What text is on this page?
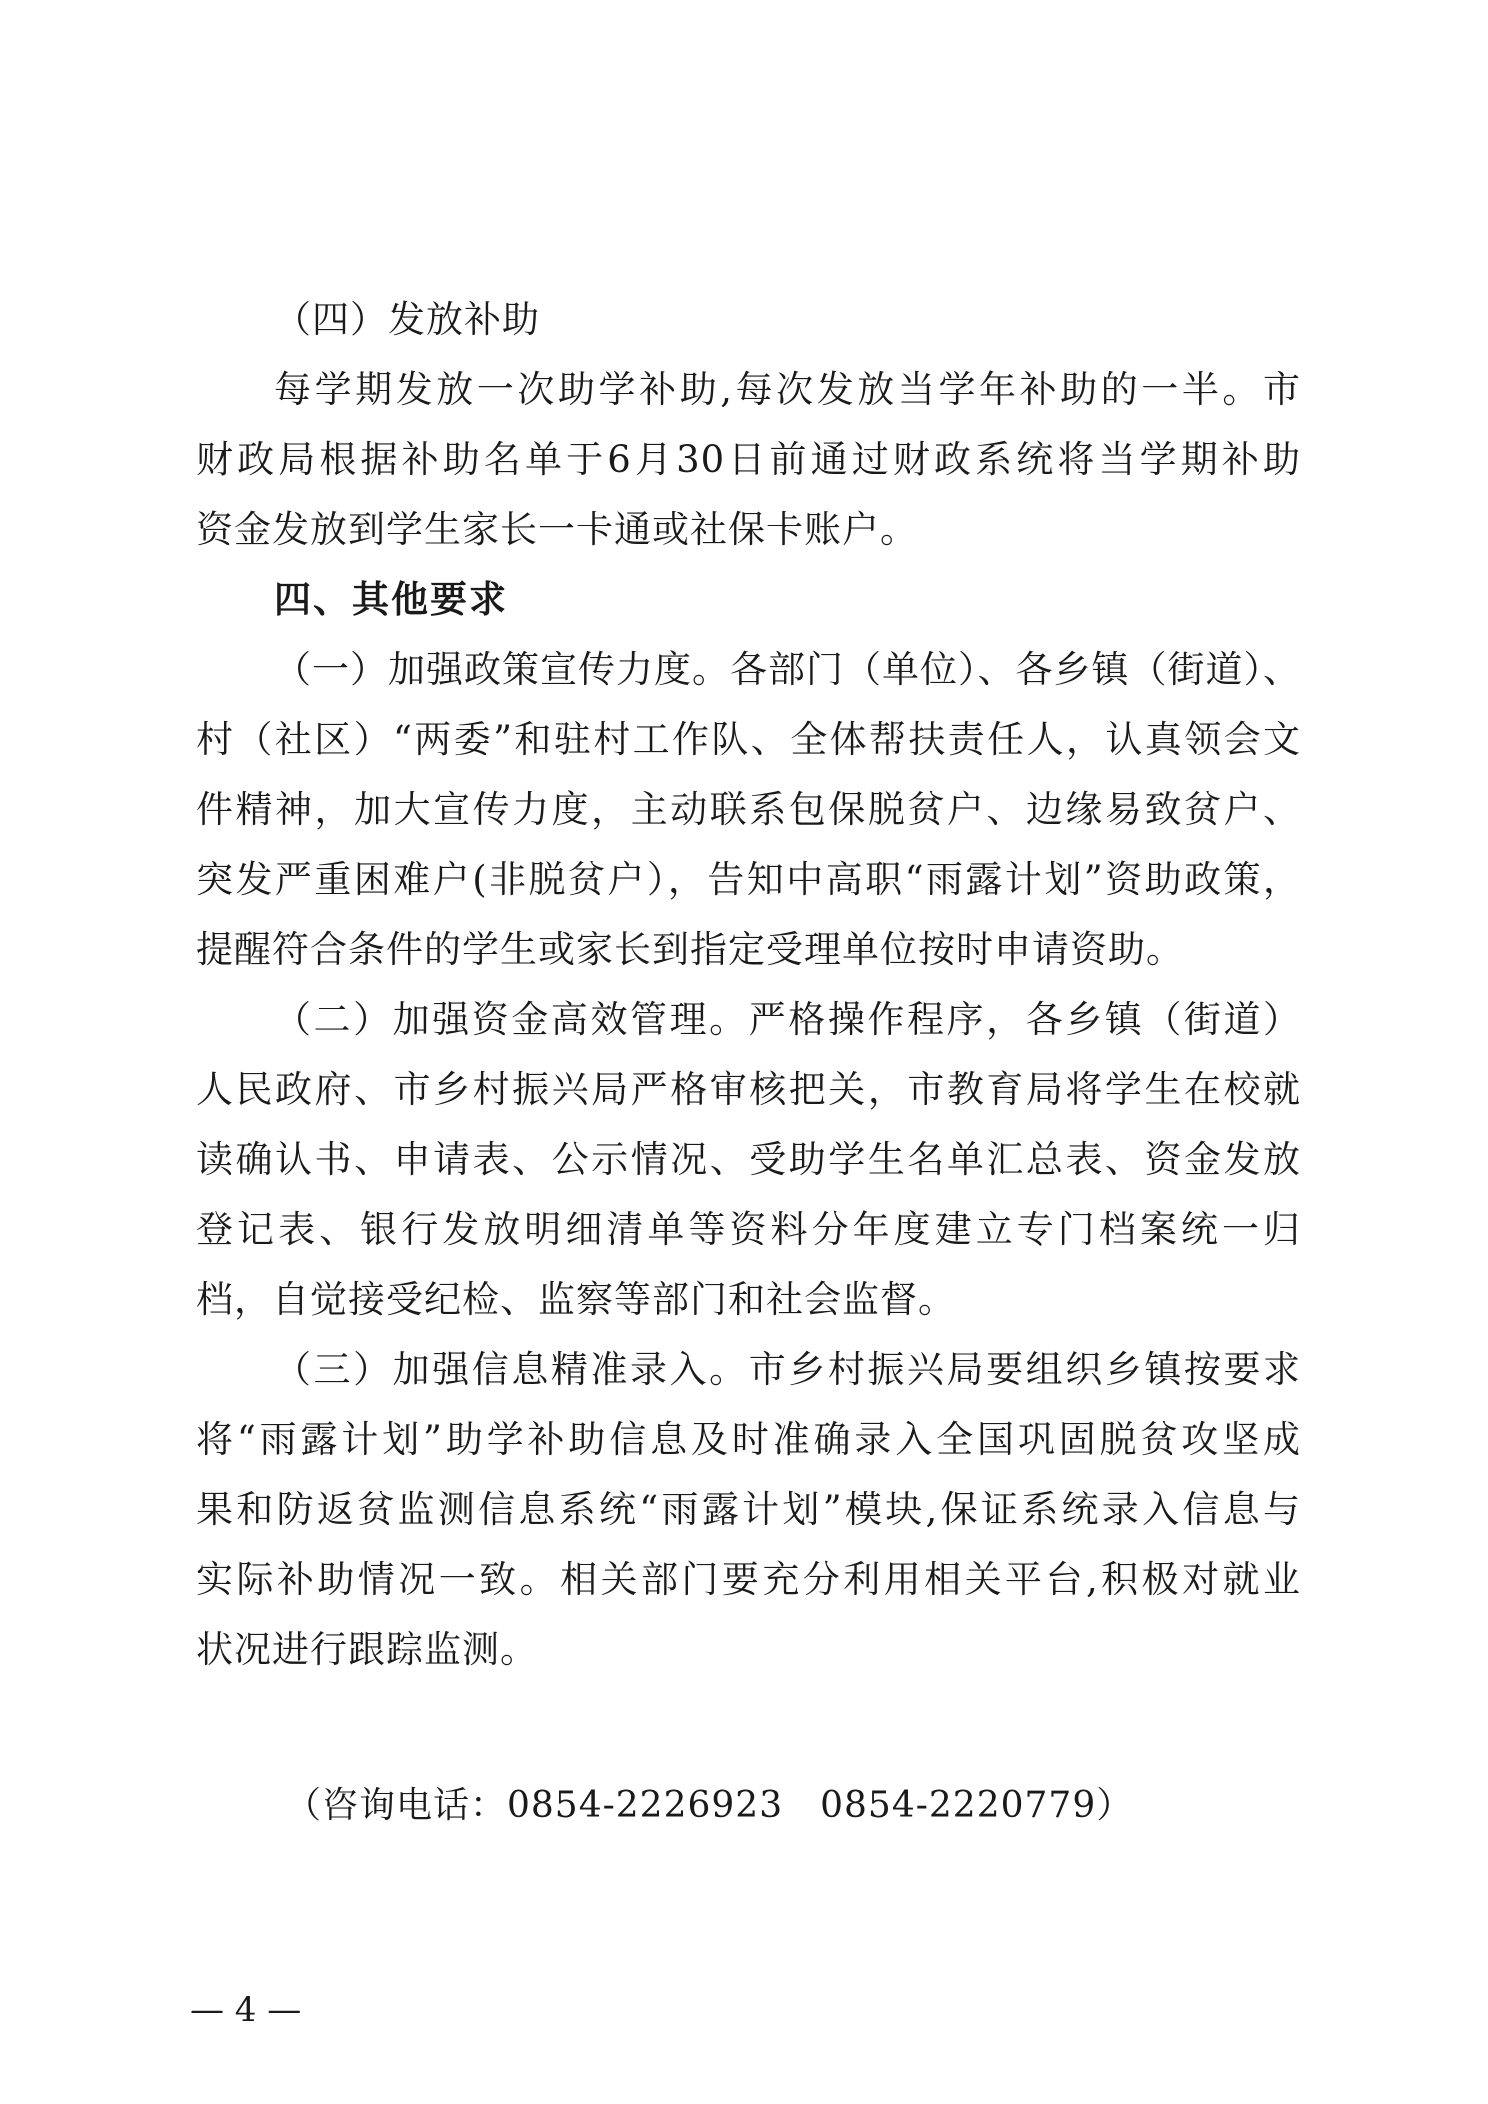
（四）发放补助
每学期发放一次助学补助,每次发放当学年补助的一半。市
财政局根据补助名单于6月30日前通过财政系统将当学期补助
资金发放到学生家长一卡通或社保卡账户。
四、其他要求
（一）加强政策宣传力度。各部门（单位）、各乡镇（街道）、
村（社区）“两委”和驻村工作队、全体帮扶责任人，认真领会文
件精神，加大宣传力度，主动联系包保脱贫户、边缘易致贫户、
突发严重困难户(非脱贫户），告知中高职“雨露计划”资助政策，
提醒符合条件的学生或家长到指定受理单位按时申请资助。
（二）加强资金高效管理。严格操作程序，各乡镇（街道）
人民政府、市乡村振兴局严格审核把关，市教育局将学生在校就
读确认书、申请表、公示情况、受助学生名单汇总表、资金发放
登记表、银行发放明细清单等资料分年度建立专门档案统一归
档，自觉接受纪检、监察等部门和社会监督。
（三）加强信息精准录入。市乡村振兴局要组织乡镇按要求
将“雨露计划”助学补助信息及时准确录入全国巩固脱贫攻坚成
果和防返贫监测信息系统“雨露计划”模块,保证系统录入信息与
实际补助情况一致。相关部门要充分利用相关平台,积极对就业
状况进行跟踪监测。
（咨询电话：0854-2226923　0854-2220779）
— 4 —
